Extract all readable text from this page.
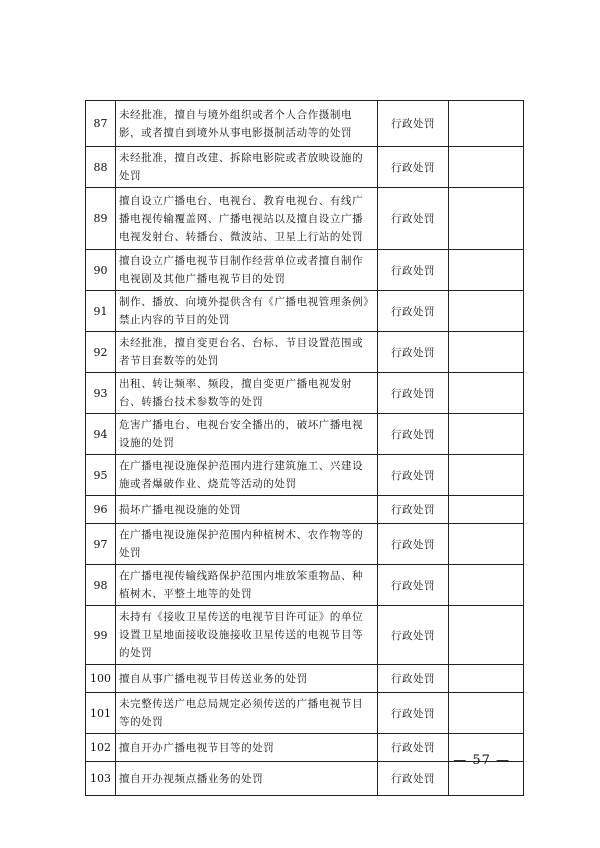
87	未经批准，擅自与境外组织或者个人合作摄制电影，或者擅自到境外从事电影摄制活动等的处罚	行政处罚	
88	未经批准，擅自改建、拆除电影院或者放映设施的处罚	行政处罚	
89	擅自设立广播电台、电视台、教育电视台、有线广播电视传输覆盖网、广播电视站以及擅自设立广播电视发射台、转播台、微波站、卫星上行站的处罚	行政处罚	
90	擅自设立广播电视节目制作经营单位或者擅自制作电视剧及其他广播电视节目的处罚	行政处罚	
91	制作、播放、向境外提供含有《广播电视管理条例》禁止内容的节目的处罚	行政处罚	
92	未经批准，擅自变更台名、台标、节目设置范围或者节目套数等的处罚	行政处罚	
93	出租、转让频率、频段，擅自变更广播电视发射台、转播台技术参数等的处罚	行政处罚	
94	危害广播电台、电视台安全播出的，破坏广播电视设施的处罚	行政处罚	
95	在广播电视设施保护范围内进行建筑施工、兴建设施或者爆破作业、烧荒等活动的处罚	行政处罚	
96	损坏广播电视设施的处罚	行政处罚	
97	在广播电视设施保护范围内种植树木、农作物等的处罚	行政处罚	
98	在广播电视传输线路保护范围内堆放笨重物品、种植树木、平整土地等的处罚	行政处罚	
99	未持有《接收卫星传送的电视节目许可证》的单位设置卫星地面接收设施接收卫星传送的电视节目等的处罚	行政处罚	
100	擅自从事广播电视节目传送业务的处罚	行政处罚	
101	未完整传送广电总局规定必须传送的广播电视节目等的处罚	行政处罚	
102	擅自开办广播电视节目等的处罚	行政处罚	
103	擅自开办视频点播业务的处罚	行政处罚	
— 57 —
